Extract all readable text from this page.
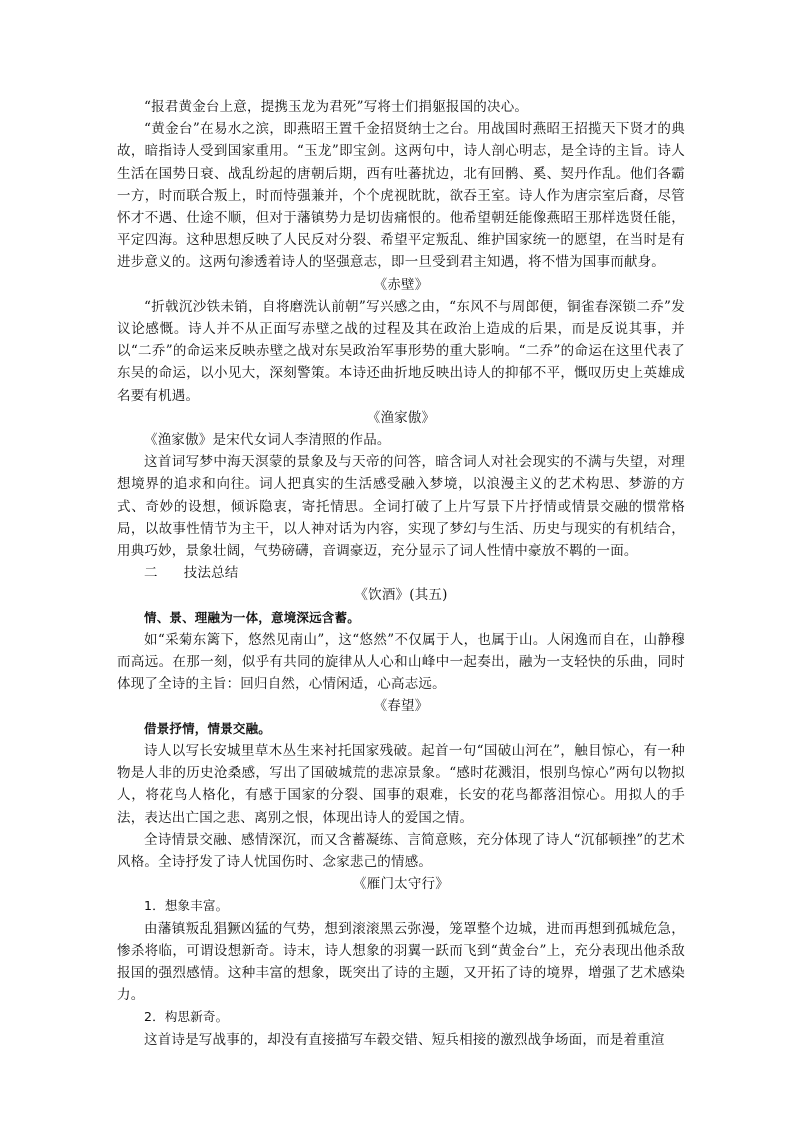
“报君黄金台上意，提携玉龙为君死”写将士们捐躯报国的决心。

“黄金台”在易水之滨，即燕昭王置千金招贤纳士之台。用战国时燕昭王招揽天下贤才的典故，暗指诗人受到国家重用。“玉龙”即宝剑。这两句中，诗人剖心明志，是全诗的主旨。诗人生活在国势日衰、战乱纷起的唐朝后期，西有吐蕃扰边，北有回鹘、奚、契丹作乱。他们各霸一方，时而联合叛上，时而恃强兼并，个个虎视眈眈，欲吞王室。诗人作为唐宗室后裔，尽管怀才不遇、仕途不顺，但对于藩镇势力是切齿痛恨的。他希望朝廷能像燕昭王那样选贤任能，平定四海。这种思想反映了人民反对分裂、希望平定叛乱、维护国家统一的愿望，在当时是有进步意义的。这两句渗透着诗人的坚强意志，即一旦受到君主知遇，将不惜为国事而献身。

《赤壁》

“折戟沉沙铁未销，自将磨洗认前朝”写兴感之由，“东风不与周郎便，铜雀春深锁二乔”发议论感慨。诗人并不从正面写赤壁之战的过程及其在政治上造成的后果，而是反说其事，并以“二乔”的命运来反映赤壁之战对东吴政治军事形势的重大影响。“二乔”的命运在这里代表了东吴的命运，以小见大，深刻警策。本诗还曲折地反映出诗人的抑郁不平，慨叹历史上英雄成名要有机遇。

《渔家傲》

《渔家傲》是宋代女词人李清照的作品。

这首词写梦中海天溟蒙的景象及与天帝的问答，暗含词人对社会现实的不满与失望，对理想境界的追求和向往。词人把真实的生活感受融入梦境，以浪漫主义的艺术构思、梦游的方式、奇妙的设想，倾诉隐衷，寄托情思。全词打破了上片写景下片抒情或情景交融的惯常格局，以故事性情节为主干，以人神对话为内容，实现了梦幻与生活、历史与现实的有机结合，用典巧妙，景象壮阔，气势磅礴，音调豪迈，充分显示了词人性情中豪放不羁的一面。

二 技法总结

《饮酒》(其五)

情、景、理融为一体，意境深远含蓄。

如“采菊东篱下，悠然见南山”，这“悠然”不仅属于人，也属于山。人闲逸而自在，山静穆而高远。在那一刻，似乎有共同的旋律从人心和山峰中一起奏出，融为一支轻快的乐曲，同时体现了全诗的主旨：回归自然，心情闲适，心高志远。

《春望》

借景抒情，情景交融。

诗人以写长安城里草木丛生来衬托国家残破。起首一句“国破山河在”，触目惊心，有一种物是人非的历史沧桑感，写出了国破城荒的悲凉景象。“感时花溅泪，恨别鸟惊心”两句以物拟人，将花鸟人格化，有感于国家的分裂、国事的艰难，长安的花鸟都落泪惊心。用拟人的手法，表达出亡国之悲、离别之恨，体现出诗人的爱国之情。

全诗情景交融、感情深沉，而又含蓄凝练、言简意赅，充分体现了诗人“沉郁顿挫”的艺术风格。全诗抒发了诗人忧国伤时、念家悲己的情感。

《雁门太守行》

1．想象丰富。

由藩镇叛乱猖獗凶猛的气势，想到滚滚黑云弥漫，笼罩整个边城，进而再想到孤城危急，惨杀将临，可谓设想新奇。诗末，诗人想象的羽翼一跃而飞到“黄金台”上，充分表现出他杀敌报国的强烈感情。这种丰富的想象，既突出了诗的主题，又开拓了诗的境界，增强了艺术感染力。

2．构思新奇。

这首诗是写战事的，却没有直接描写车毂交错、短兵相接的激烈战争场面，而是着重渲
